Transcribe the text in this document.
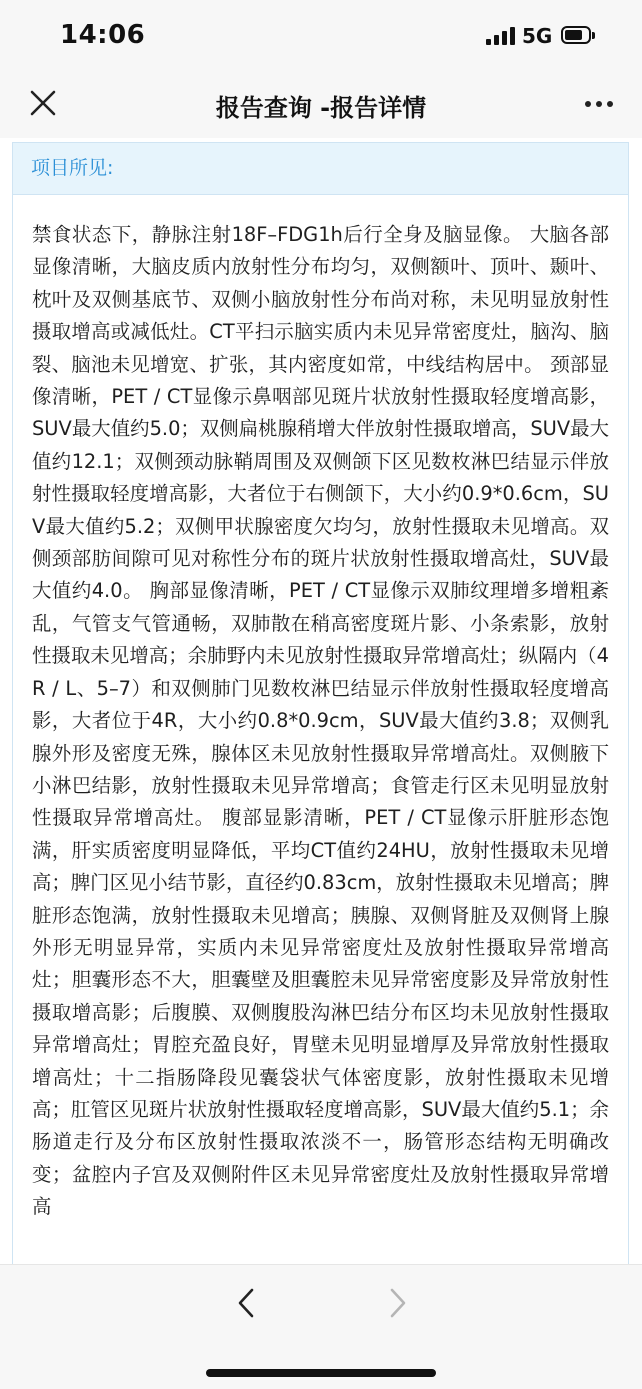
14:06	5G
报告查询 -报告详情
项目所见:
禁食状态下，静脉注射18F–FDG1h后行全身及脑显像。 大脑各部显像清晰，大脑皮质内放射性分布均匀，双侧额叶、顶叶、颞叶、枕叶及双侧基底节、双侧小脑放射性分布尚对称，未见明显放射性摄取增高或减低灶。CT平扫示脑实质内未见异常密度灶，脑沟、脑裂、脑池未见增宽、扩张，其内密度如常，中线结构居中。 颈部显像清晰，PET / CT显像示鼻咽部见斑片状放射性摄取轻度增高影，SUV最大值约5.0；双侧扁桃腺稍增大伴放射性摄取增高，SUV最大值约12.1；双侧颈动脉鞘周围及双侧颌下区见数枚淋巴结显示伴放射性摄取轻度增高影，大者位于右侧颌下，大小约0.9*0.6cm，SUV最大值约5.2；双侧甲状腺密度欠均匀，放射性摄取未见增高。双侧颈部肪间隙可见对称性分布的斑片状放射性摄取增高灶，SUV最大值约4.0。 胸部显像清晰，PET / CT显像示双肺纹理增多增粗紊乱，气管支气管通畅，双肺散在稍高密度斑片影、小条索影，放射性摄取未见增高；余肺野内未见放射性摄取异常增高灶；纵隔内（4R / L、5–7）和双侧肺门见数枚淋巴结显示伴放射性摄取轻度增高影，大者位于4R，大小约0.8*0.9cm，SUV最大值约3.8；双侧乳腺外形及密度无殊，腺体区未见放射性摄取异常增高灶。双侧腋下小淋巴结影，放射性摄取未见异常增高；食管走行区未见明显放射性摄取异常增高灶。 腹部显影清晰，PET / CT显像示肝脏形态饱满，肝实质密度明显降低，平均CT值约24HU，放射性摄取未见增高；脾门区见小结节影，直径约0.83cm，放射性摄取未见增高；脾脏形态饱满，放射性摄取未见增高；胰腺、双侧肾脏及双侧肾上腺外形无明显异常，实质内未见异常密度灶及放射性摄取异常增高灶；胆囊形态不大，胆囊壁及胆囊腔未见异常密度影及异常放射性摄取增高影；后腹膜、双侧腹股沟淋巴结分布区均未见放射性摄取异常增高灶；胃腔充盈良好，胃壁未见明显增厚及异常放射性摄取增高灶；十二指肠降段见囊袋状气体密度影，放射性摄取未见增高；肛管区见斑片状放射性摄取轻度增高影，SUV最大值约5.1；余肠道走行及分布区放射性摄取浓淡不一，肠管形态结构无明确改变；盆腔内子宫及双侧附件区未见异常密度灶及放射性摄取异常增高
